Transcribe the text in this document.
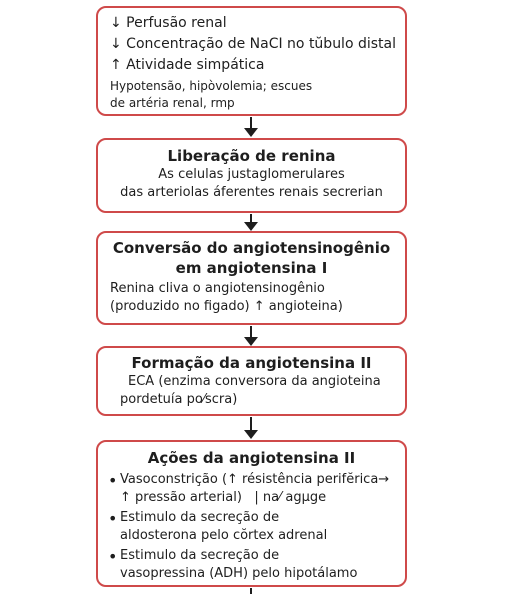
↓ Perfusão renal
↓ Concentração de NaCI no tŭbulo distal
↑ Atividade simpática
Hypotensão, hipòvolemia; escues
de artéria renal, rmp
Liberação de renina
As celulas justaglomerulares
das arteriolas áferentes renais secrerian
Conversão do angiotensinogênio
em angiotensina I
Renina cliva o angiotensinogênio
(produzido no figado) ↑ angioteinа)
Formação da angiotensina II
ECA (enzima conversora da angioteina
pordetuía po⁄scra)
Ações da angiotensina II
• Vasoconstrição (↑ résistência perifĕrica→
↑ pressão arterial)   | na⁄ agμge
• Estimulo da secreção de
aldosterona pelo cŏrtex adrenal
• Estimulo da secreção de
vasopressina (ADH) pelo hipotálamo
